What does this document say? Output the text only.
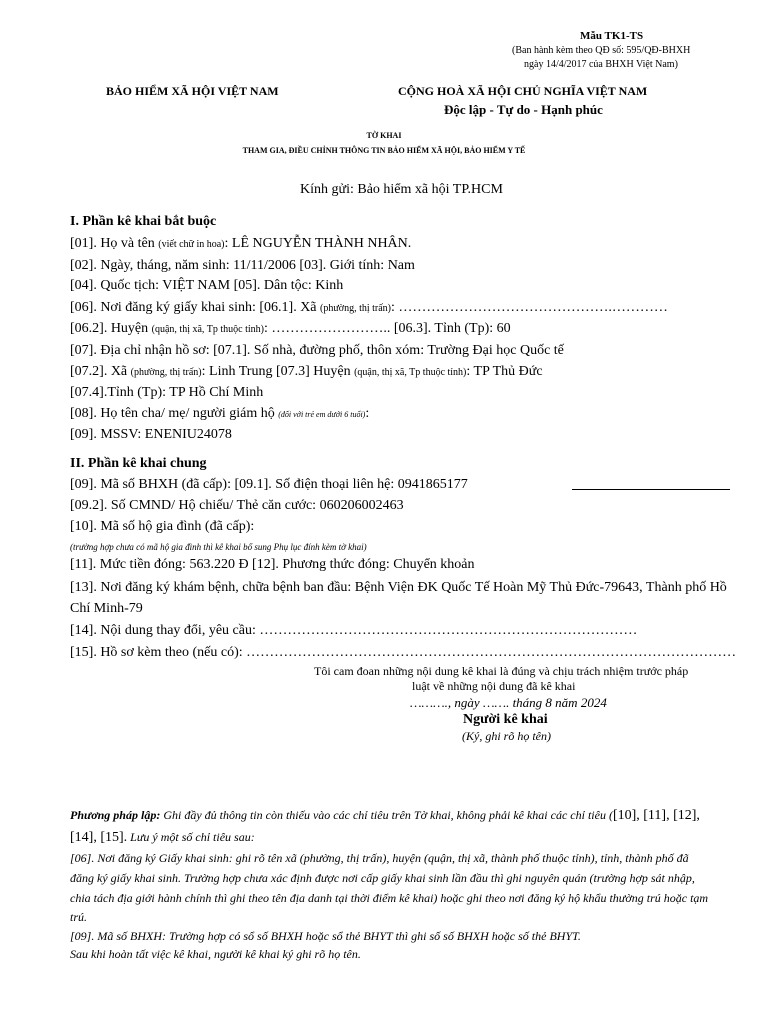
Mẫu TK1-TS
(Ban hành kèm theo QĐ số: 595/QĐ-BHXH
ngày 14/4/2017 của BHXH Việt Nam)
BẢO HIỂM XÃ HỘI VIỆT NAM	CỘNG HOÀ XÃ HỘI CHỦ NGHĨA VIỆT NAM
Độc lập - Tự do - Hạnh phúc
TỜ KHAI
THAM GIA, ĐIỀU CHỈNH THÔNG TIN BẢO HIỂM XÃ HỘI, BẢO HIỂM Y TẾ
Kính gửi: Bảo hiểm xã hội TP.HCM
I. Phần kê khai bắt buộc
[01]. Họ và tên (viết chữ in hoa): LÊ NGUYỄN THÀNH NHÂN.
[02]. Ngày, tháng, năm sinh: 11/11/2006 [03]. Giới tính: Nam
[04]. Quốc tịch: VIỆT NAM [05]. Dân tộc: Kinh
[06]. Nơi đăng ký giấy khai sinh: [06.1]. Xã (phường, thị trấn): ……………………………………….…………
[06.2]. Huyện (quận, thị xã, Tp thuộc tỉnh): …………………….. [06.3]. Tỉnh (Tp): 60
[07]. Địa chỉ nhận hồ sơ: [07.1]. Số nhà, đường phố, thôn xóm: Trường Đại học Quốc tế
[07.2]. Xã (phường, thị trấn): Linh Trung [07.3] Huyện (quận, thị xã, Tp thuộc tỉnh): TP Thủ Đức
[07.4].Tỉnh (Tp): TP Hồ Chí Minh
[08]. Họ tên cha/ mẹ/ người giám hộ (đối với trẻ em dưới 6 tuổi):
[09]. MSSV: ENENIU24078
II. Phần kê khai chung
[09]. Mã số BHXH (đã cấp): [09.1]. Số điện thoại liên hệ: 0941865177
[09.2]. Số CMND/ Hộ chiếu/ Thẻ căn cước: 060206002463
[10]. Mã số hộ gia đình (đã cấp):
(trường hợp chưa có mã hộ gia đình thì kê khai bổ sung Phụ lục đính kèm tờ khai)
[11]. Mức tiền đóng: 563.220 Đ [12]. Phương thức đóng: Chuyển khoản
[13]. Nơi đăng ký khám bệnh, chữa bệnh ban đầu: Bệnh Viện ĐK Quốc Tế Hoàn Mỹ Thủ Đức-79643, Thành phố Hồ
Chí Minh-79
[14]. Nội dung thay đổi, yêu cầu: ………………………………………………………………………
[15]. Hồ sơ kèm theo (nếu có): ……………………………………………………………………………………………
Tôi cam đoan những nội dung kê khai là đúng và chịu trách nhiệm trước pháp
luật về những nội dung đã kê khai
………., ngày ……. tháng 8 năm 2024
Người kê khai
(Ký, ghi rõ họ tên)
Phương pháp lập: Ghi đầy đủ thông tin còn thiếu vào các chỉ tiêu trên Tờ khai, không phải kê khai các chỉ tiêu ([10], [11], [12],
[14], [15]. Lưu ý một số chỉ tiêu sau:
[06]. Nơi đăng ký Giấy khai sinh: ghi rõ tên xã (phường, thị trấn), huyện (quận, thị xã, thành phố thuộc tỉnh), tỉnh, thành phố đã
đăng ký giấy khai sinh. Trường hợp chưa xác định được nơi cấp giấy khai sinh lần đầu thì ghi nguyên quán (trường hợp sát nhập,
chia tách địa giới hành chính thì ghi theo tên địa danh tại thời điểm kê khai) hoặc ghi theo nơi đăng ký hộ khẩu thường trú hoặc tạm
trú.
[09]. Mã số BHXH: Trường hợp có sổ số BHXH hoặc sổ thẻ BHYT thì ghi số số BHXH hoặc số thẻ BHYT.
Sau khi hoàn tất việc kê khai, người kê khai ký ghi rõ họ tên.
